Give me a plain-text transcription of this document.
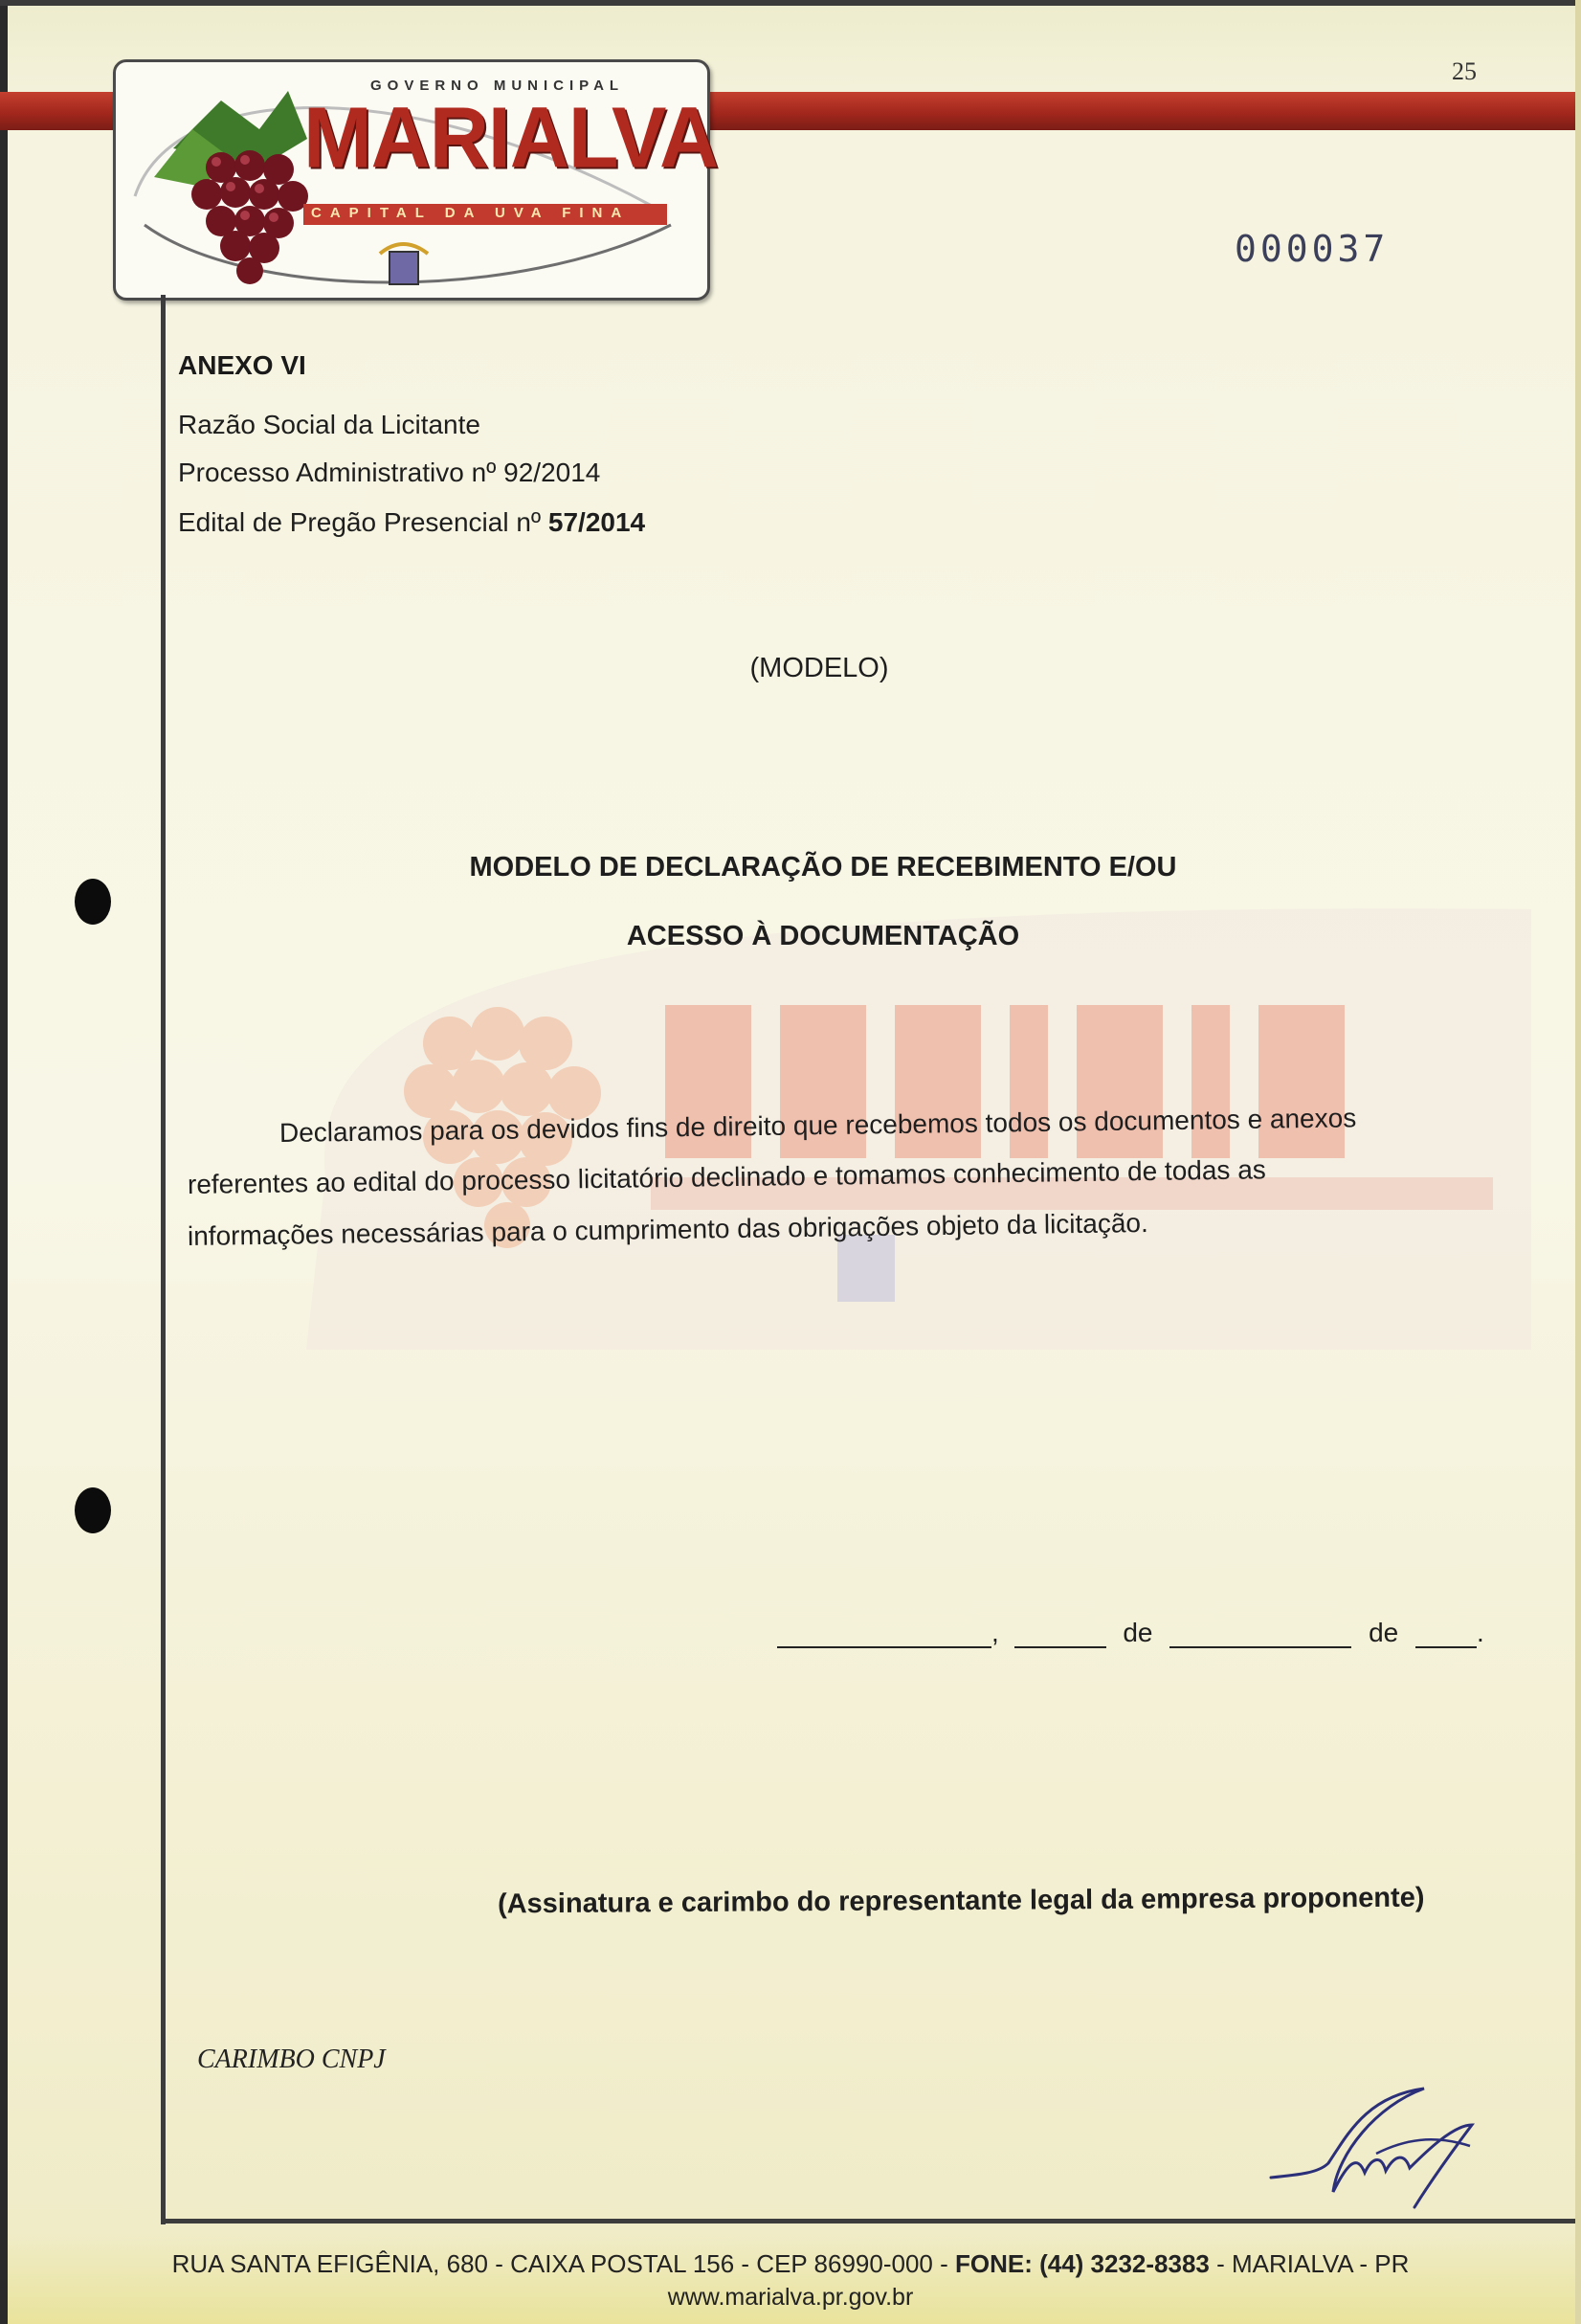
25
000037
GOVERNO MUNICIPAL
MARIALVA
CAPITAL DA UVA FINA
ANEXO VI
Razão Social da Licitante
Processo Administrativo nº 92/2014
Edital de Pregão Presencial nº 57/2014
(MODELO)
MODELO DE DECLARAÇÃO DE RECEBIMENTO E/OU
ACESSO À DOCUMENTAÇÃO
Declaramos para os devidos fins de direito que recebemos todos os documentos e anexos
referentes ao edital do processo licitatório declinado e tomamos conhecimento de todas as
informações necessárias para o cumprimento das obrigações objeto da licitação.
,	de	de	.
(Assinatura e carimbo do representante legal da empresa proponente)
CARIMBO CNPJ
RUA SANTA EFIGÊNIA, 680 - CAIXA POSTAL 156 - CEP 86990-000 - FONE: (44) 3232-8383 - MARIALVA - PR
www.marialva.pr.gov.br
